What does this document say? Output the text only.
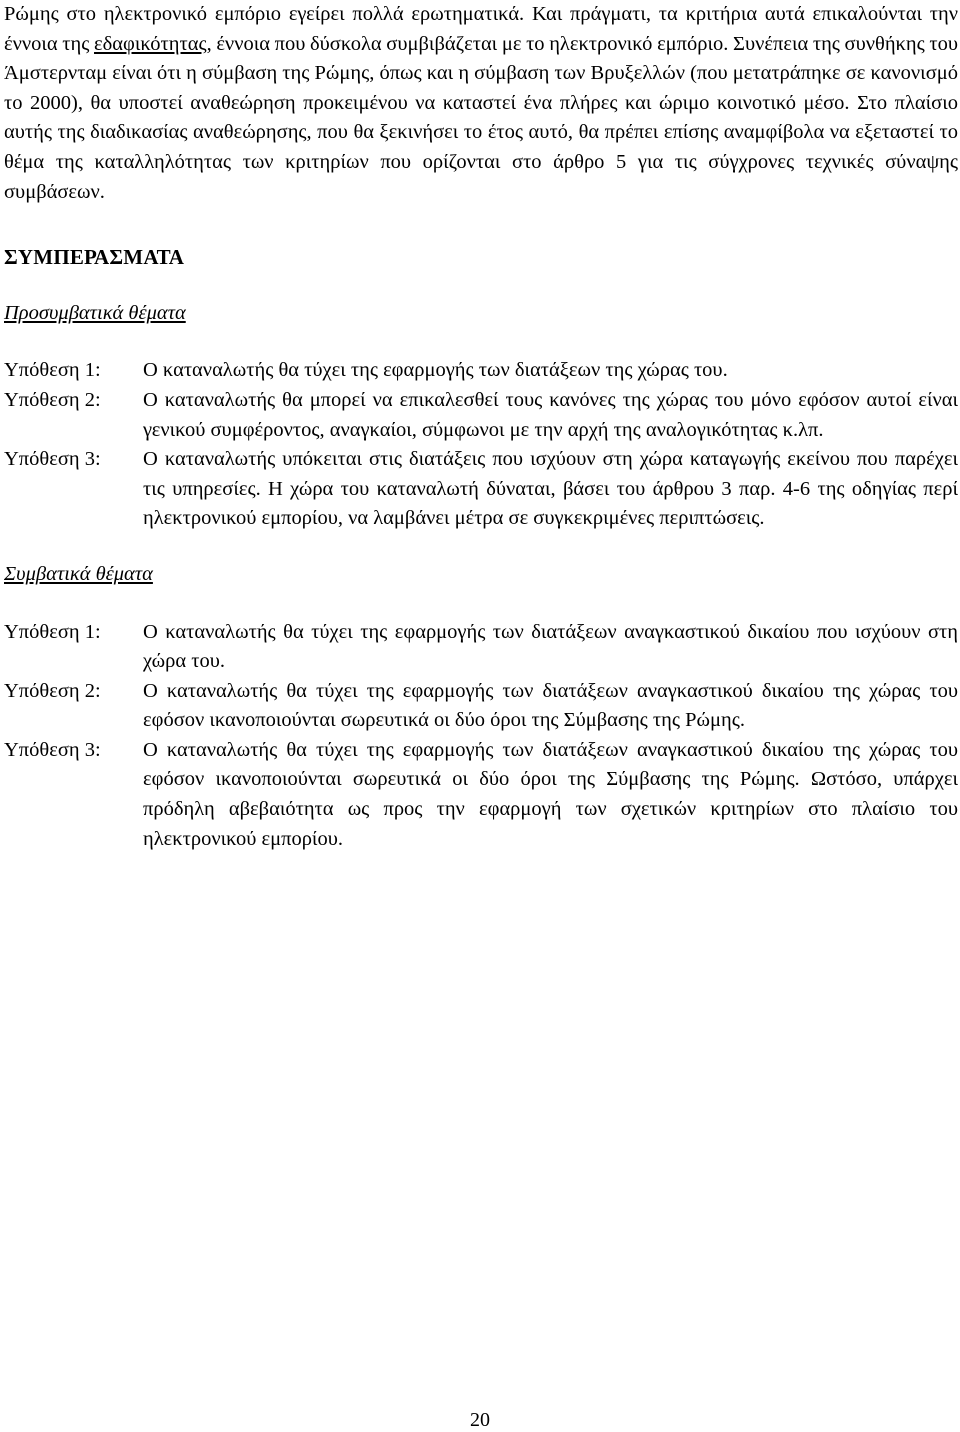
Ρώμης στο ηλεκτρονικό εμπόριο εγείρει πολλά ερωτηματικά. Και πράγματι, τα κριτήρια αυτά επικαλούνται την έννοια της εδαφικότητας, έννοια που δύσκολα συμβιβάζεται με το ηλεκτρονικό εμπόριο. Συνέπεια της συνθήκης του Άμστερνταμ είναι ότι η σύμβαση της Ρώμης, όπως και η σύμβαση των Βρυξελλών (που μετατράπηκε σε κανονισμό το 2000), θα υποστεί αναθεώρηση προκειμένου να καταστεί ένα πλήρες και ώριμο κοινοτικό μέσο. Στο πλαίσιο αυτής της διαδικασίας αναθεώρησης, που θα ξεκινήσει το έτος αυτό, θα πρέπει επίσης αναμφίβολα να εξεταστεί το θέμα της καταλληλότητας των κριτηρίων που ορίζονται στο άρθρο 5 για τις σύγχρονες τεχνικές σύναψης συμβάσεων.

ΣΥΜΠΕΡΑΣΜΑΤΑ
Προσυμβατικά θέματα
Υπόθεση 1:	Ο καταναλωτής θα τύχει της εφαρμογής των διατάξεων της χώρας του.
Υπόθεση 2:	Ο καταναλωτής θα μπορεί να επικαλεσθεί τους κανόνες της χώρας του μόνο εφόσον αυτοί είναι γενικού συμφέροντος, αναγκαίοι, σύμφωνοι με την αρχή της αναλογικότητας κ.λπ.
Υπόθεση 3:	Ο καταναλωτής υπόκειται στις διατάξεις που ισχύουν στη χώρα καταγωγής εκείνου που παρέχει τις υπηρεσίες. Η χώρα του καταναλωτή δύναται, βάσει του άρθρου 3 παρ. 4-6 της οδηγίας περί ηλεκτρονικού εμπορίου, να λαμβάνει μέτρα σε συγκεκριμένες περιπτώσεις.
Συμβατικά θέματα
Υπόθεση 1:	Ο καταναλωτής θα τύχει της εφαρμογής των διατάξεων αναγκαστικού δικαίου που ισχύουν στη χώρα του.
Υπόθεση 2:	Ο καταναλωτής θα τύχει της εφαρμογής των διατάξεων αναγκαστικού δικαίου της χώρας του εφόσον ικανοποιούνται σωρευτικά οι δύο όροι της Σύμβασης της Ρώμης.
Υπόθεση 3:	Ο καταναλωτής θα τύχει της εφαρμογής των διατάξεων αναγκαστικού δικαίου της χώρας του εφόσον ικανοποιούνται σωρευτικά οι δύο όροι της Σύμβασης της Ρώμης. Ωστόσο, υπάρχει πρόδηλη αβεβαιότητα ως προς την εφαρμογή των σχετικών κριτηρίων στο πλαίσιο του ηλεκτρονικού εμπορίου.
20
